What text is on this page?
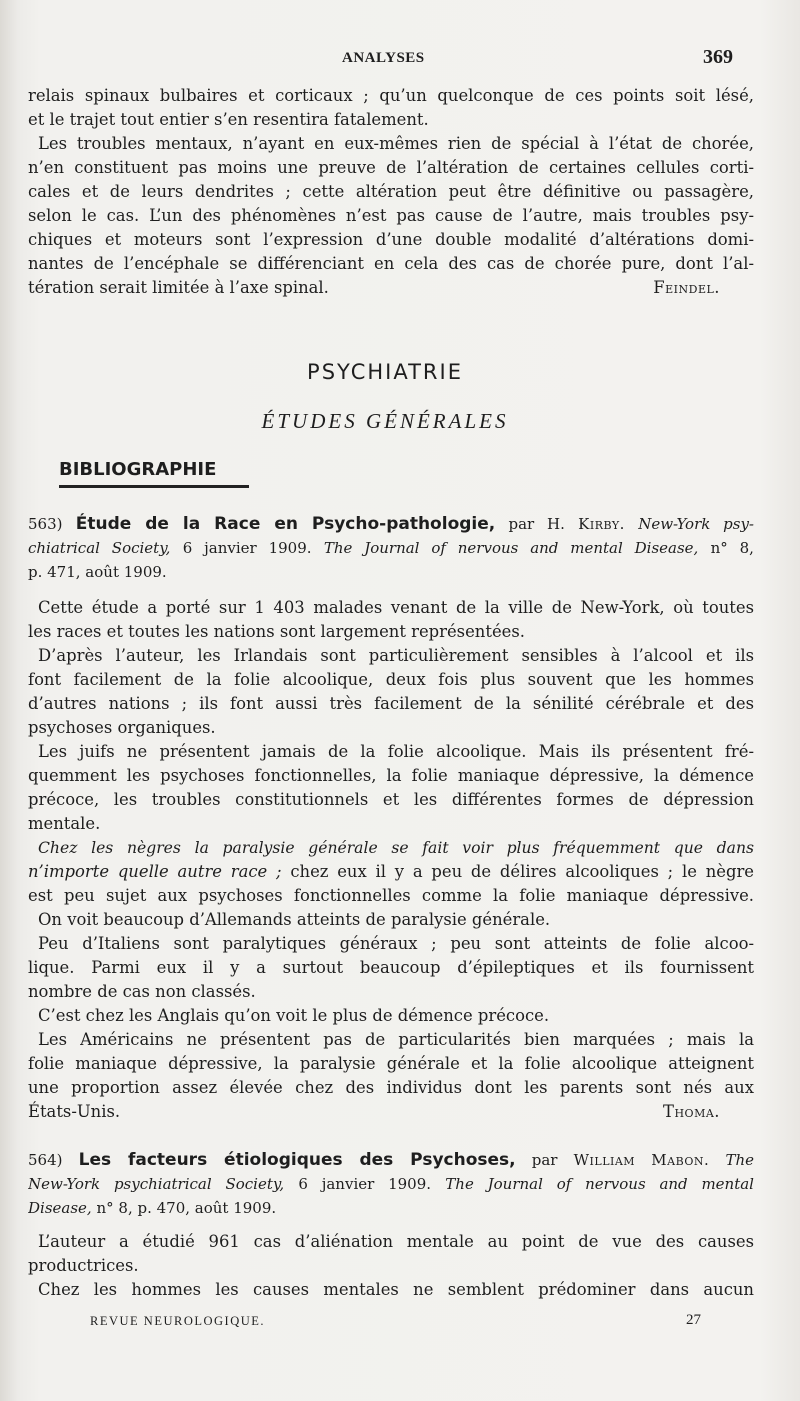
ANALYSES	369
relais spinaux bulbaires et corticaux ; qu’un quelconque de ces points soit lésé,
et le trajet tout entier s’en resentira fatalement.
Les troubles mentaux, n’ayant en eux-mêmes rien de spécial à l’état de chorée,
n’en constituent pas moins une preuve de l’altération de certaines cellules corti-
cales et de leurs dendrites ; cette altération peut être définitive ou passagère,
selon le cas. L’un des phénomènes n’est pas cause de l’autre, mais troubles psy-
chiques et moteurs sont l’expression d’une double modalité d’altérations domi-
nantes de l’encéphale se différenciant en cela des cas de chorée pure, dont l’al-
tération serait limitée à l’axe spinal.	Feindel.
PSYCHIATRIE
ÉTUDES GÉNÉRALES
BIBLIOGRAPHIE
563) Étude de la Race en Psycho-pathologie, par H. Kirby. New-York psy-
chiatrical Society, 6 janvier 1909. The Journal of nervous and mental Disease, n° 8,
p. 471, août 1909.
Cette étude a porté sur 1 403 malades venant de la ville de New-York, où toutes
les races et toutes les nations sont largement représentées.
D’après l’auteur, les Irlandais sont particulièrement sensibles à l’alcool et ils
font facilement de la folie alcoolique, deux fois plus souvent que les hommes
d’autres nations ; ils font aussi très facilement de la sénilité cérébrale et des
psychoses organiques.
Les juifs ne présentent jamais de la folie alcoolique. Mais ils présentent fré-
quemment les psychoses fonctionnelles, la folie maniaque dépressive, la démence
précoce, les troubles constitutionnels et les différentes formes de dépression
mentale.
Chez les nègres la paralysie générale se fait voir plus fréquemment que dans
n’importe quelle autre race ; chez eux il y a peu de délires alcooliques ; le nègre
est peu sujet aux psychoses fonctionnelles comme la folie maniaque dépressive.
On voit beaucoup d’Allemands atteints de paralysie générale.
Peu d’Italiens sont paralytiques généraux ; peu sont atteints de folie alcoo-
lique. Parmi eux il y a surtout beaucoup d’épileptiques et ils fournissent
nombre de cas non classés.
C’est chez les Anglais qu’on voit le plus de démence précoce.
Les Américains ne présentent pas de particularités bien marquées ; mais la
folie maniaque dépressive, la paralysie générale et la folie alcoolique atteignent
une proportion assez élevée chez des individus dont les parents sont nés aux
États-Unis.	Thoma.
564) Les facteurs étiologiques des Psychoses, par William Mabon. The
New-York psychiatrical Society, 6 janvier 1909. The Journal of nervous and mental
Disease, n° 8, p. 470, août 1909.
L’auteur a étudié 961 cas d’aliénation mentale au point de vue des causes
productrices.
Chez les hommes les causes mentales ne semblent prédominer dans aucun
REVUE NEUROLOGIQUE.	27
